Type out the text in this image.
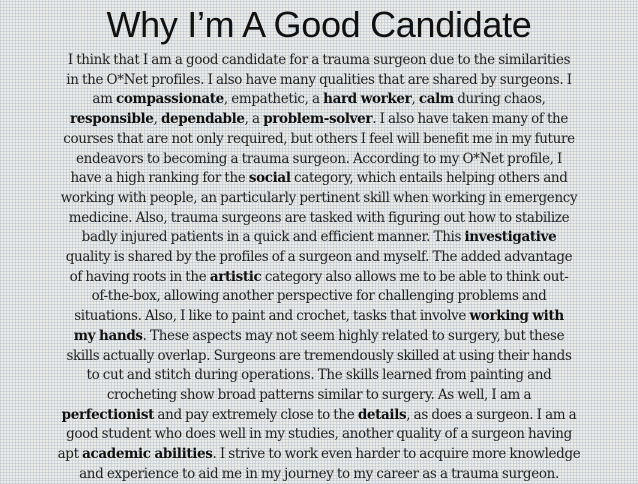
Why I’m A Good Candidate
I think that I am a good candidate for a trauma surgeon due to the similarities
in the O*Net profiles. I also have many qualities that are shared by surgeons. I
am compassionate, empathetic, a hard worker, calm during chaos,
responsible, dependable, a problem-solver. I also have taken many of the
courses that are not only required, but others I feel will benefit me in my future
endeavors to becoming a trauma surgeon. According to my O*Net profile, I
have a high ranking for the social category, which entails helping others and
working with people, an particularly pertinent skill when working in emergency
medicine. Also, trauma surgeons are tasked with figuring out how to stabilize
badly injured patients in a quick and efficient manner. This investigative
quality is shared by the profiles of a surgeon and myself. The added advantage
of having roots in the artistic category also allows me to be able to think out-
of-the-box, allowing another perspective for challenging problems and
situations. Also, I like to paint and crochet, tasks that involve working with
my hands. These aspects may not seem highly related to surgery, but these
skills actually overlap. Surgeons are tremendously skilled at using their hands
to cut and stitch during operations. The skills learned from painting and
crocheting show broad patterns similar to surgery. As well, I am a
perfectionist and pay extremely close to the details, as does a surgeon. I am a
good student who does well in my studies, another quality of a surgeon having
apt academic abilities. I strive to work even harder to acquire more knowledge
and experience to aid me in my journey to my career as a trauma surgeon.
